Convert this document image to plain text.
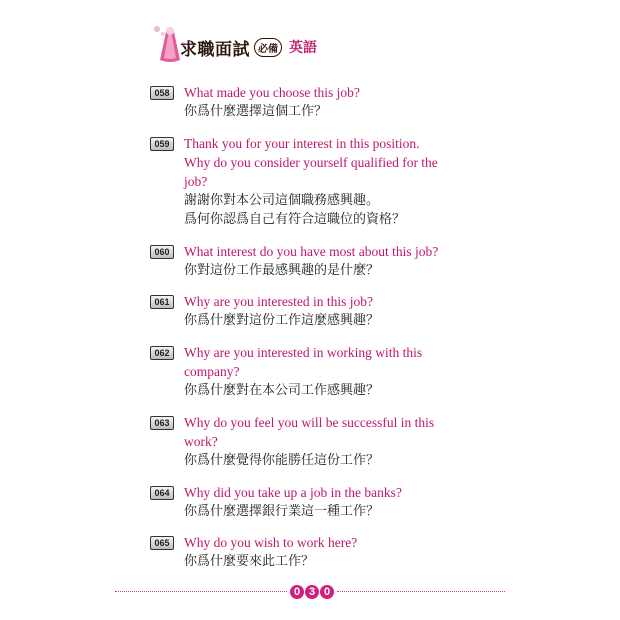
求職面試 必備 英語
058	What made you choose this job?
你爲什麼選擇這個工作？
059	Thank you for your interest in this position.
Why do you consider yourself qualified for the
job?
謝謝你對本公司這個職務感興趣。
爲何你認爲自己有符合這職位的資格？
060	What interest do you have most about this job?
你對這份工作最感興趣的是什麼？
061	Why are you interested in this job?
你爲什麼對這份工作這麼感興趣？
062	Why are you interested in working with this
company?
你爲什麼對在本公司工作感興趣？
063	Why do you feel you will be successful in this
work?
你爲什麼覺得你能勝任這份工作？
064	Why did you take up a job in the banks?
你爲什麼選擇銀行業這一種工作？
065	Why do you wish to work here?
你爲什麼要來此工作？
0 3 0
